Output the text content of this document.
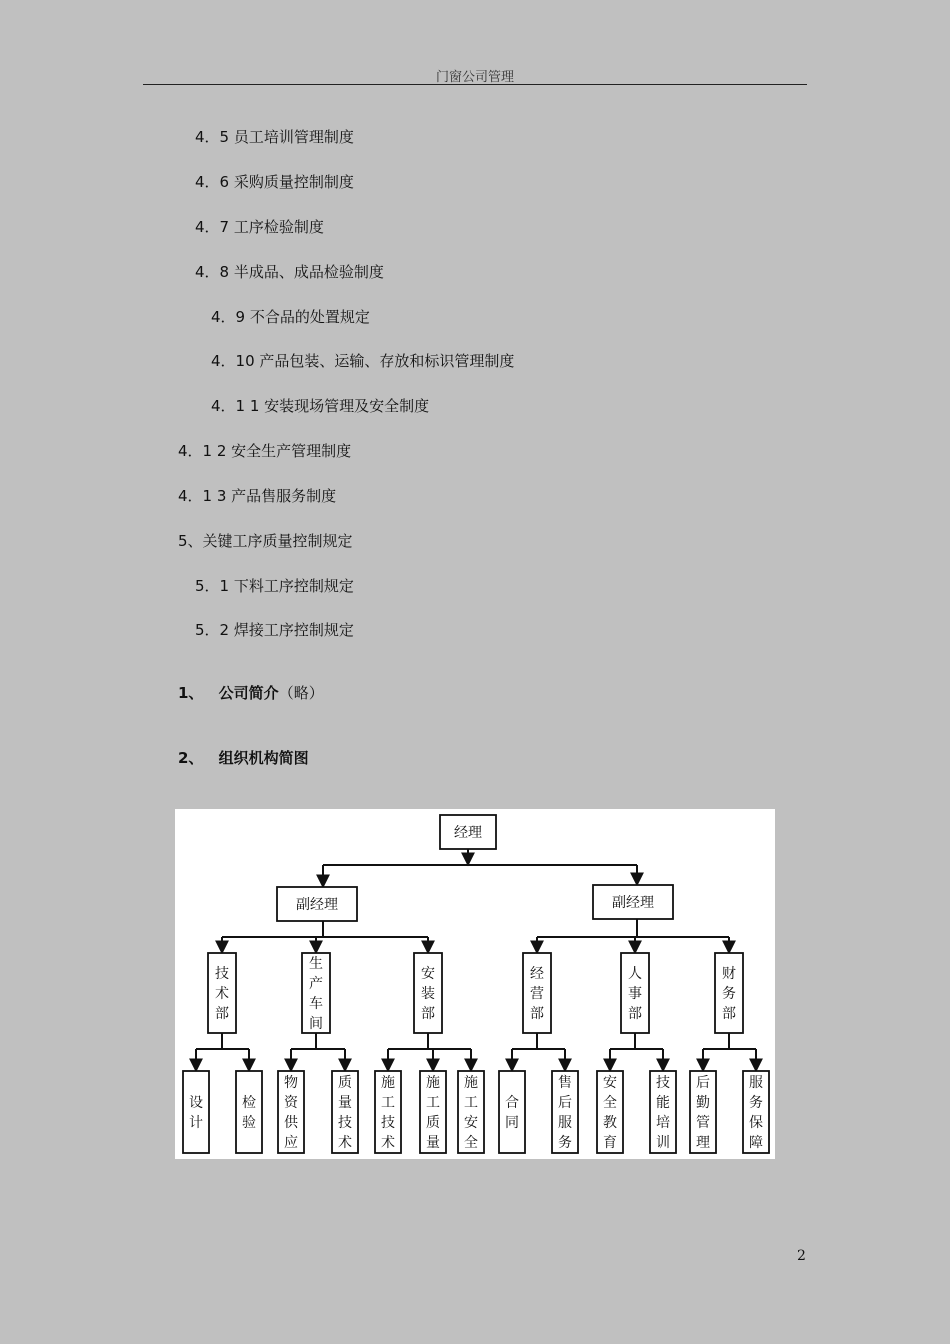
门窗公司管理
4．5 员工培训管理制度
4．6 采购质量控制制度
4．7 工序检验制度
4．8 半成品、成品检验制度
4．9 不合品的处置规定
4．10 产品包装、运输、存放和标识管理制度
4．1 1 安装现场管理及安全制度
4．1 2 安全生产管理制度
4．1 3 产品售服务制度
5、关键工序质量控制规定
5．1 下料工序控制规定
5．2 焊接工序控制规定
1、 公司简介（略）
2、 组织机构简图
经理
副经理	副经理
技
术
部
生
产
车
间
安
装
部
经
营
部
人
事
部
财
务
部
设
计
检
验
物
资
供
应
质
量
技
术
施
工
技
术
施
工
质
量
施
工
安
全
合
同
售
后
服
务
安
全
教
育
技
能
培
训
后
勤
管
理
服
务
保
障
2
